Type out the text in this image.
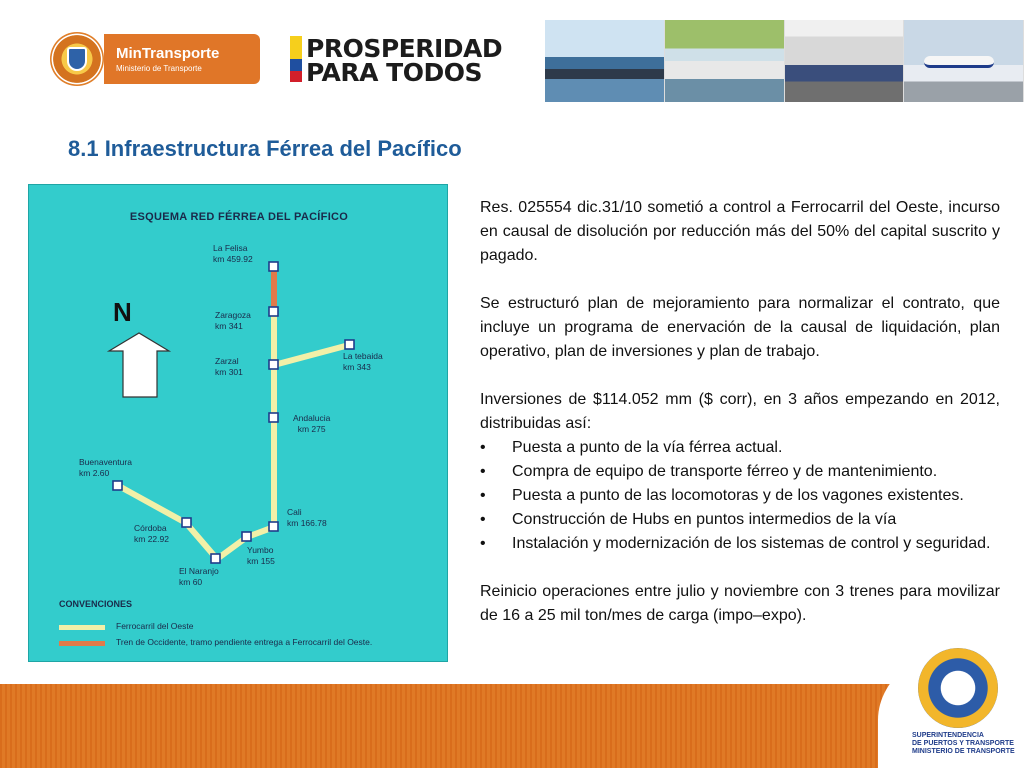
MinTransporte
Ministerio de Transporte
PROSPERIDAD
PARA TODOS
8.1 Infraestructura Férrea del Pacífico
ESQUEMA RED FÉRREA DEL PACÍFICO
N
La Felisa
km 459.92
Zaragoza
km 341
La tebaida
km 343
Zarzal
km 301
Andalucia
km 275
Buenaventura
km 2.60
Cali
km 166.78
Córdoba
km 22.92
Yumbo
km 155
El Naranjo
km 60
CONVENCIONES
Ferrocarril del Oeste
Tren de Occidente, tramo pendiente entrega a Ferrocarril del Oeste.

Res. 025554 dic.31/10 sometió a control a Ferrocarril del Oeste, incurso en causal de disolución por reducción más del 50% del capital suscrito y pagado.

Se estructuró plan de mejoramiento para normalizar el contrato, que incluye un programa de enervación de la causal de liquidación, plan operativo, plan de inversiones y plan de trabajo.

Inversiones de $114.052 mm ($ corr), en 3 años empezando en 2012, distribuidas así:

• Puesta a punto de la vía férrea actual.
• Compra de equipo de transporte férreo y de mantenimiento.
• Puesta a punto de las locomotoras y de los vagones existentes.
• Construcción de Hubs en puntos intermedios de la vía
• Instalación y modernización de los sistemas de control y seguridad.

Reinicio operaciones entre julio y noviembre con 3 trenes para movilizar de 16 a 25 mil ton/mes de carga (impo–expo).

$
SUPERINTENDENCIA
DE PUERTOS Y TRANSPORTE
MINISTERIO DE TRANSPORTE
